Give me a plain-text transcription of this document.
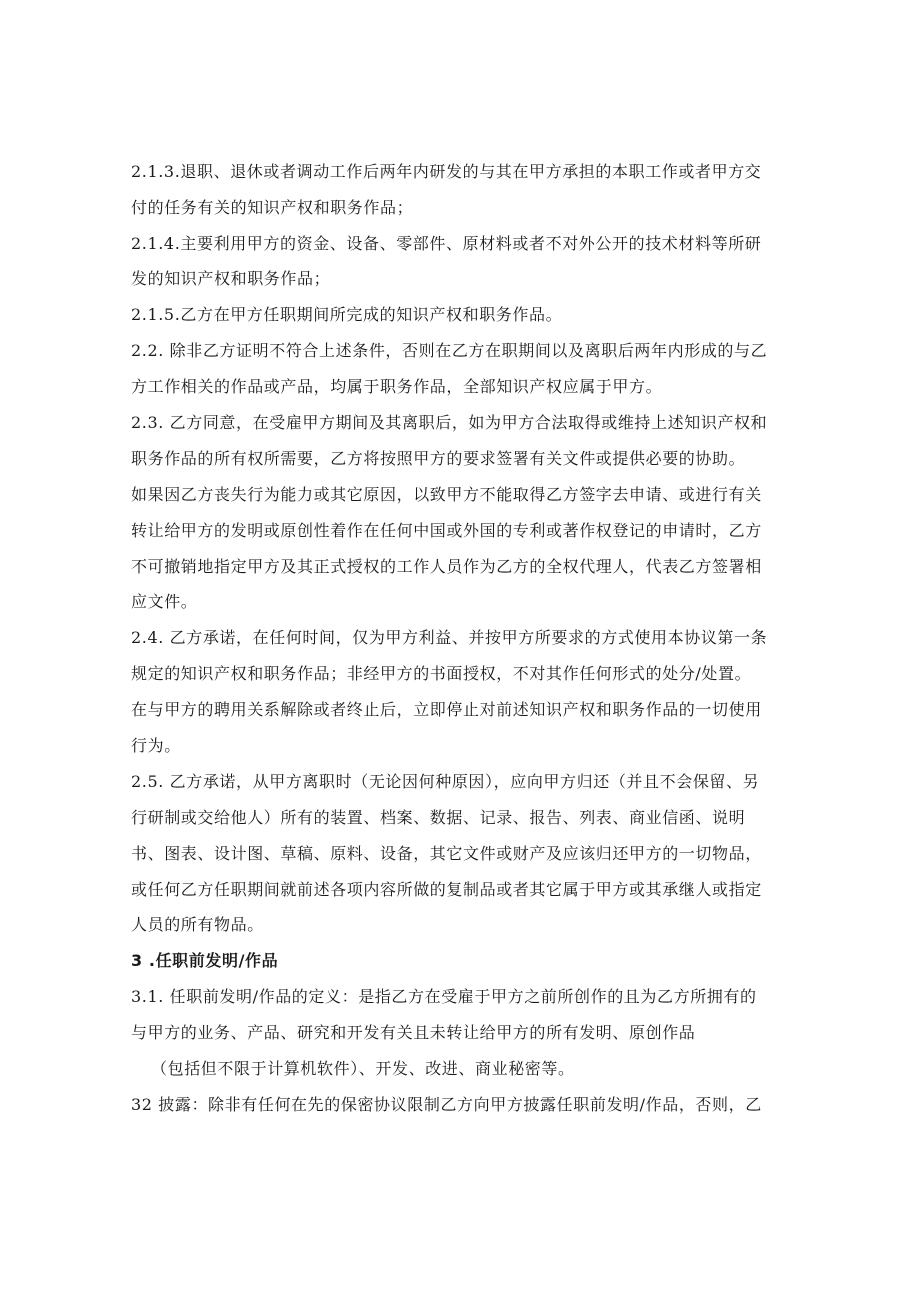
2.1.3.退职、退休或者调动工作后两年内研发的与其在甲方承担的本职工作或者甲方交
付的任务有关的知识产权和职务作品；
2.1.4.主要利用甲方的资金、设备、零部件、原材料或者不对外公开的技术材料等所研
发的知识产权和职务作品；
2.1.5.乙方在甲方任职期间所完成的知识产权和职务作品。
2.2. 除非乙方证明不符合上述条件，否则在乙方在职期间以及离职后两年内形成的与乙
方工作相关的作品或产品，均属于职务作品，全部知识产权应属于甲方。
2.3. 乙方同意，在受雇甲方期间及其离职后，如为甲方合法取得或维持上述知识产权和
职务作品的所有权所需要，乙方将按照甲方的要求签署有关文件或提供必要的协助。
如果因乙方丧失行为能力或其它原因，以致甲方不能取得乙方签字去申请、或进行有关
转让给甲方的发明或原创性着作在任何中国或外国的专利或著作权登记的申请时，乙方
不可撤销地指定甲方及其正式授权的工作人员作为乙方的全权代理人，代表乙方签署相
应文件。
2.4. 乙方承诺，在任何时间，仅为甲方利益、并按甲方所要求的方式使用本协议第一条
规定的知识产权和职务作品；非经甲方的书面授权，不对其作任何形式的处分/处置。
在与甲方的聘用关系解除或者终止后，立即停止对前述知识产权和职务作品的一切使用
行为。
2.5. 乙方承诺，从甲方离职时（无论因何种原因），应向甲方归还（并且不会保留、另
行研制或交给他人）所有的装置、档案、数据、记录、报告、列表、商业信函、说明
书、图表、设计图、草稿、原料、设备，其它文件或财产及应该归还甲方的一切物品，
或任何乙方任职期间就前述各项内容所做的复制品或者其它属于甲方或其承继人或指定
人员的所有物品。
3 .任职前发明/作品
3.1. 任职前发明/作品的定义：是指乙方在受雇于甲方之前所创作的且为乙方所拥有的
与甲方的业务、产品、研究和开发有关且未转让给甲方的所有发明、原创作品
（包括但不限于计算机软件）、开发、改进、商业秘密等。
32 披露：除非有任何在先的保密协议限制乙方向甲方披露任职前发明/作品，否则，乙
